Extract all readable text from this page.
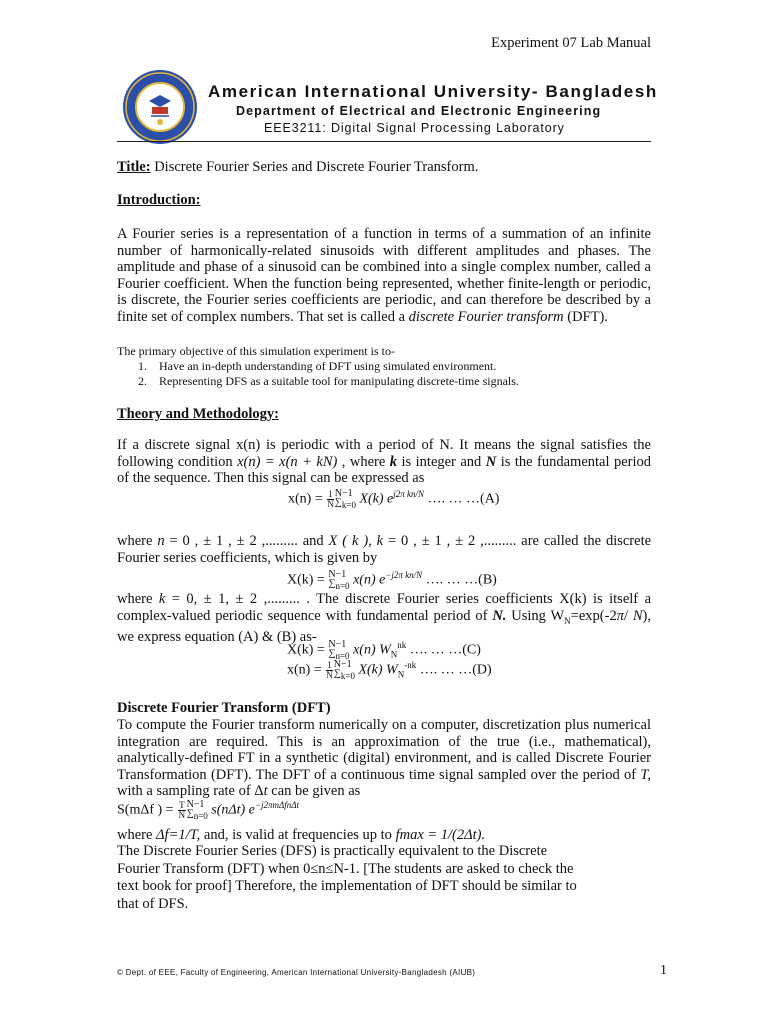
Experiment 07 Lab Manual
American International University- Bangladesh
Department of Electrical and Electronic Engineering
EEE3211: Digital Signal Processing Laboratory
Title: Discrete Fourier Series and Discrete Fourier Transform.
Introduction:

A Fourier series is a representation of a function in terms of a summation of an infinite number of harmonically-related sinusoids with different amplitudes and phases. The amplitude and phase of a sinusoid can be combined into a single complex number, called a Fourier coefficient. When the function being represented, whether finite-length or periodic, is discrete, the Fourier series coefficients are periodic, and can therefore be described by a finite set of complex numbers. That set is called a discrete Fourier transform (DFT).

The primary objective of this simulation experiment is to-
1.    Have an in-depth understanding of DFT using simulated environment.
2.    Representing DFS as a suitable tool for manipulating discrete-time signals.
Theory and Methodology:

If a discrete signal x(n) is periodic with a period of N. It means the signal satisfies the following condition x(n) = x(n + kN) , where k is integer and N is the fundamental period of the sequence. Then this signal can be expressed as

$x(n) = \frac{1}{N} N-1$
$\sum_{k=0}$ X(k) $e^{j2\pi kn/N}$ …. … …(A)

where n = 0 , ± 1 , ± 2 ,......... and X ( k ), k = 0 , ± 1 , ± 2 ,......... are called the discrete Fourier series coefficients, which is given by

X(k) = N−1
$\sum_{n=0}$ x(n) $e^{-j2\pi kn/N}$ …. … …(B)

where k = 0, ± 1, ± 2 ,......... . The discrete Fourier series coefficients X(k) is itself a complex-valued periodic sequence with fundamental period of N. Using $W_N=\exp(-2\pi/$ N), we express equation (A) & (B) as-

X(k) = N−1
$\sum_{n=0}$ x(n) $W_N^{nk}$ …. … …(C)
$x(n) = \frac{1}{N} N-1$
$\sum_{k=0}$ X(k) $W_N^{-nk}$ …. … …(D)
Discrete Fourier Transform (DFT)

To compute the Fourier transform numerically on a computer, discretization plus numerical integration are required. This is an approximation of the true (i.e., mathematical), analytically-defined FT in a synthetic (digital) environment, and is called Discrete Fourier Transformation (DFT). The DFT of a continuous time signal sampled over the period of T, with a sampling rate of Δt can be given as

S(mΔf ) = $\frac{T}{N} N-1$
$\sum_{n=0}$ s(nΔt) $e^{-j2\pi m\Delta fn\Delta t}$

where Δf=1/T, and, is valid at frequencies up to fmax = 1/(2Δt).

The Discrete Fourier Series (DFS) is practically equivalent to the Discrete Fourier Transform (DFT) when 0≤n≤N-1. [The students are asked to check the text book for proof] Therefore, the implementation of DFT should be similar to that of DFS.

© Dept. of EEE, Faculty of Engineering, American International University-Bangladesh (AIUB)	1
